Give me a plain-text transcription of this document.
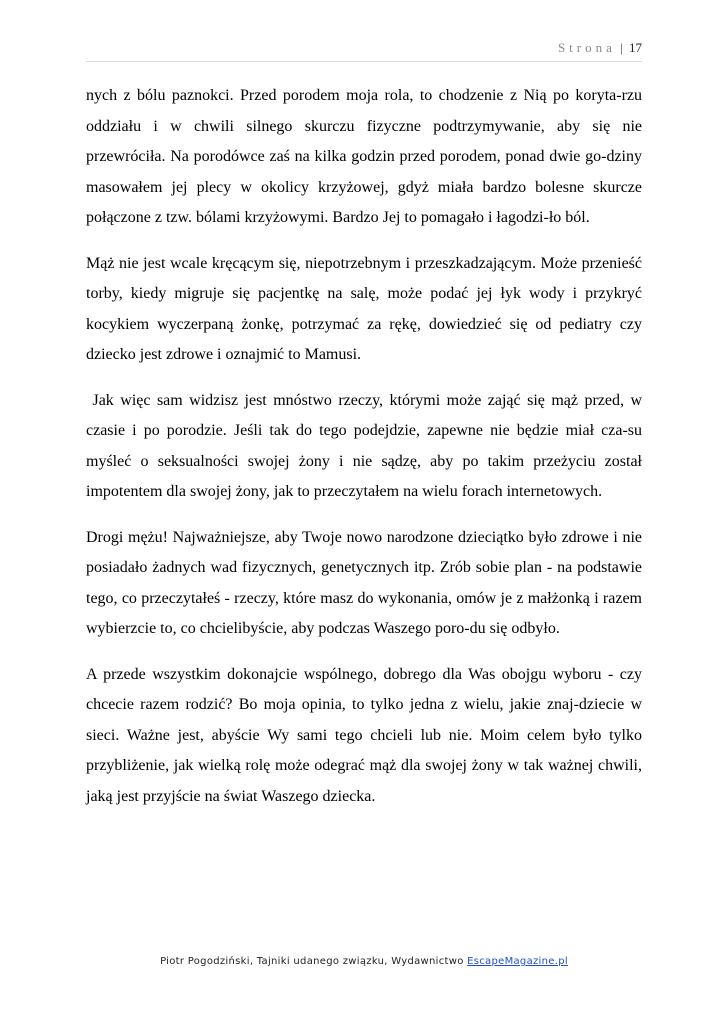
Strona | 17

nych z bólu paznokci. Przed porodem moja rola, to chodzenie z Nią po koryta-rzu oddziału i w chwili silnego skurczu fizyczne podtrzymywanie, aby się nie przewróciła. Na porodówce zaś na kilka godzin przed porodem, ponad dwie go-dziny masowałem jej plecy w okolicy krzyżowej, gdyż miała bardzo bolesne skurcze połączone z tzw. bólami krzyżowymi. Bardzo Jej to pomagało i łagodzi-ło ból.

Mąż nie jest wcale kręcącym się, niepotrzebnym i przeszkadzającym. Może przenieść torby, kiedy migruje się pacjentkę na salę, może podać jej łyk wody i przykryć kocykiem wyczerpaną żonkę, potrzymać za rękę, dowiedzieć się od pediatry czy dziecko jest zdrowe i oznajmić to Mamusi.

Jak więc sam widzisz jest mnóstwo rzeczy, którymi może zająć się mąż przed, w czasie i po porodzie. Jeśli tak do tego podejdzie, zapewne nie będzie miał cza-su myśleć o seksualności swojej żony i nie sądzę, aby po takim przeżyciu został impotentem dla swojej żony, jak to przeczytałem na wielu forach internetowych.

Drogi mężu! Najważniejsze, aby Twoje nowo narodzone dzieciątko było zdrowe i nie posiadało żadnych wad fizycznych, genetycznych itp. Zrób sobie plan - na podstawie tego, co przeczytałeś - rzeczy, które masz do wykonania, omów je z małżonką i razem wybierzcie to, co chcielibyście, aby podczas Waszego poro-du się odbyło.

A przede wszystkim dokonajcie wspólnego, dobrego dla Was obojgu wyboru - czy chcecie razem rodzić? Bo moja opinia, to tylko jedna z wielu, jakie znaj-dziecie w sieci. Ważne jest, abyście Wy sami tego chcieli lub nie. Moim celem było tylko przybliżenie, jak wielką rolę może odegrać mąż dla swojej żony w tak ważnej chwili, jaką jest przyjście na świat Waszego dziecka.

Piotr Pogodziński, Tajniki udanego związku, Wydawnictwo EscapeMagazine.pl
